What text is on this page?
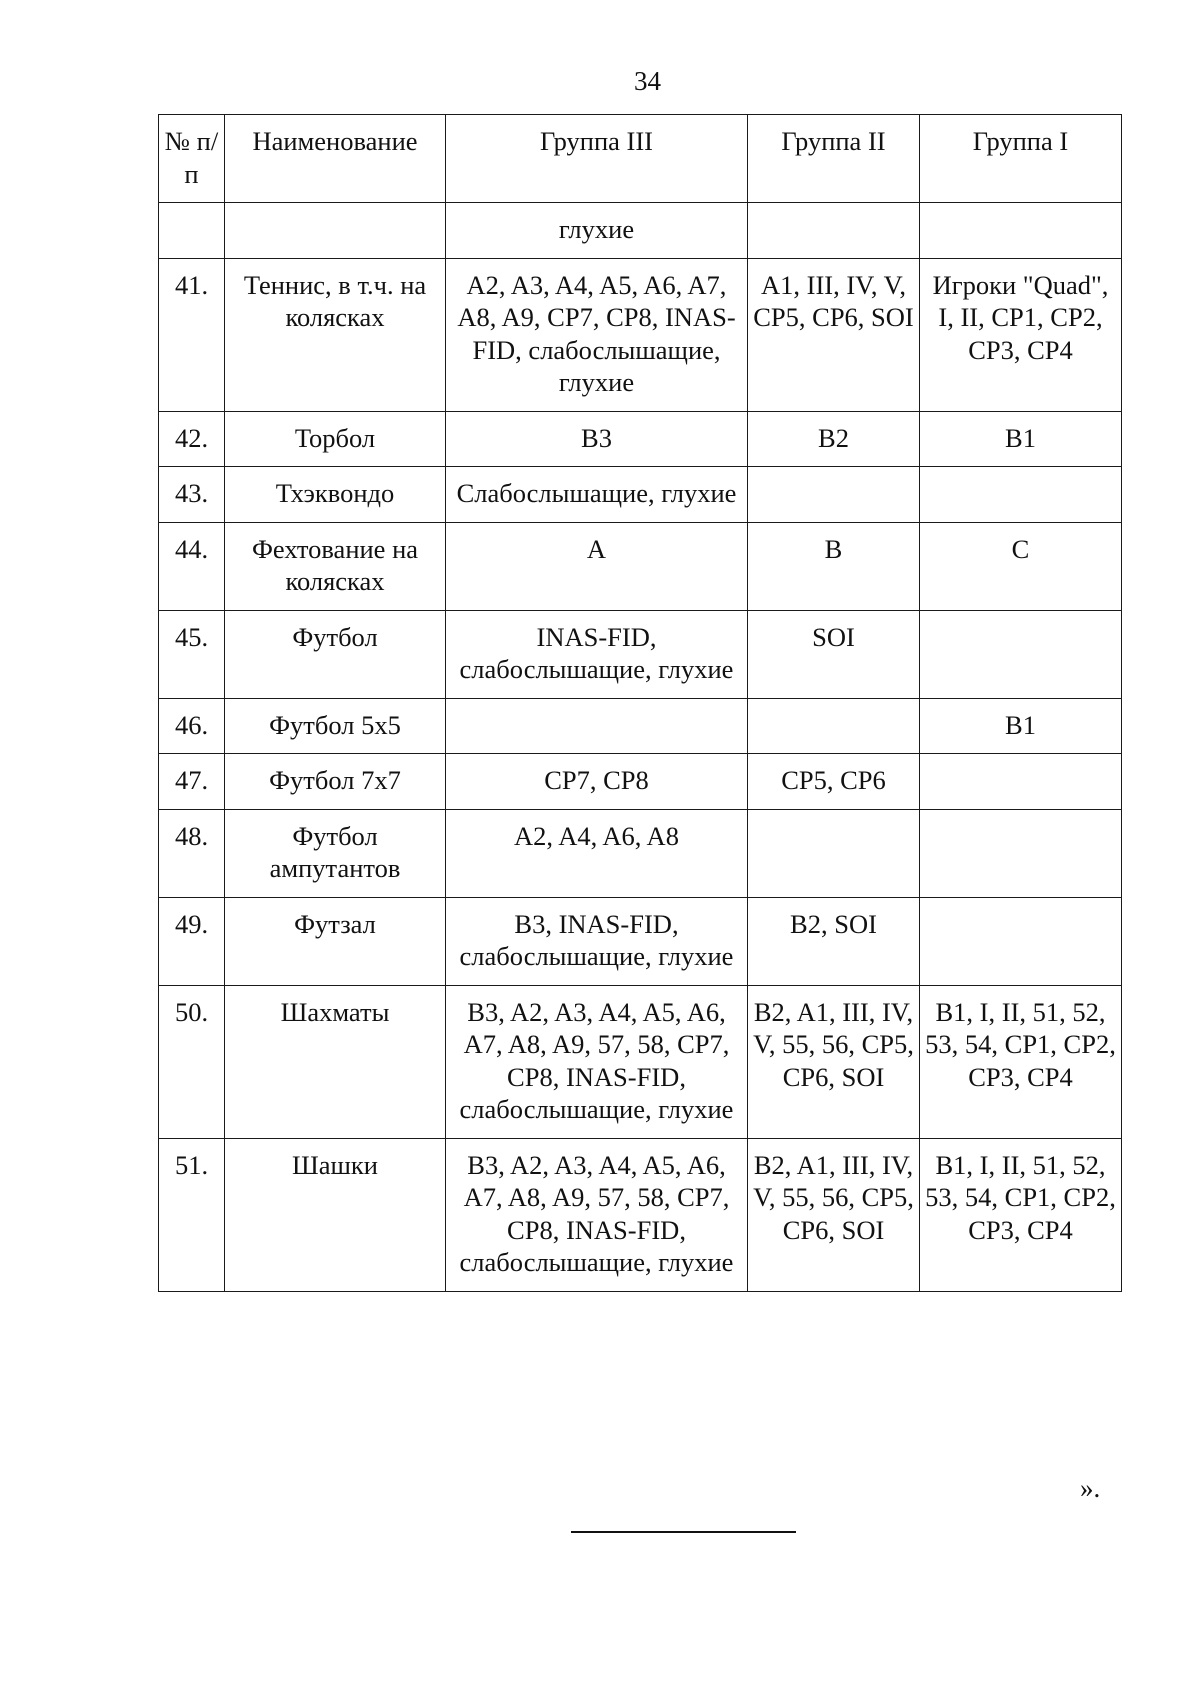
34
№ п/п	Наименование	Группа III	Группа II	Группа I
		глухие		
41.	Теннис, в т.ч. на колясках	A2, A3, A4, A5, A6, A7, A8, A9, CP7, CP8, INAS-FID, слабослышащие, глухие	A1, III, IV, V, CP5, CP6, SOI	Игроки "Quad", I, II, CP1, CP2, CP3, CP4
42.	Торбол	B3	B2	B1
43.	Тхэквондо	Слабослышащие, глухие		
44.	Фехтование на колясках	A	B	C
45.	Футбол	INAS-FID, слабослышащие, глухие	SOI	
46.	Футбол 5x5			B1
47.	Футбол 7x7	CP7, CP8	CP5, CP6	
48.	Футбол ампутантов	A2, A4, A6, A8		
49.	Футзал	B3, INAS-FID, слабослышащие, глухие	B2, SOI	
50.	Шахматы	B3, A2, A3, A4, A5, A6, A7, A8, A9, 57, 58, CP7, CP8, INAS-FID, слабослышащие, глухие	B2, A1, III, IV, V, 55, 56, CP5, CP6, SOI	B1, I, II, 51, 52, 53, 54, CP1, CP2, CP3, CP4
51.	Шашки	B3, A2, A3, A4, A5, A6, A7, A8, A9, 57, 58, CP7, CP8, INAS-FID, слабослышащие, глухие	B2, A1, III, IV, V, 55, 56, CP5, CP6, SOI	B1, I, II, 51, 52, 53, 54, CP1, CP2, CP3, CP4
».
